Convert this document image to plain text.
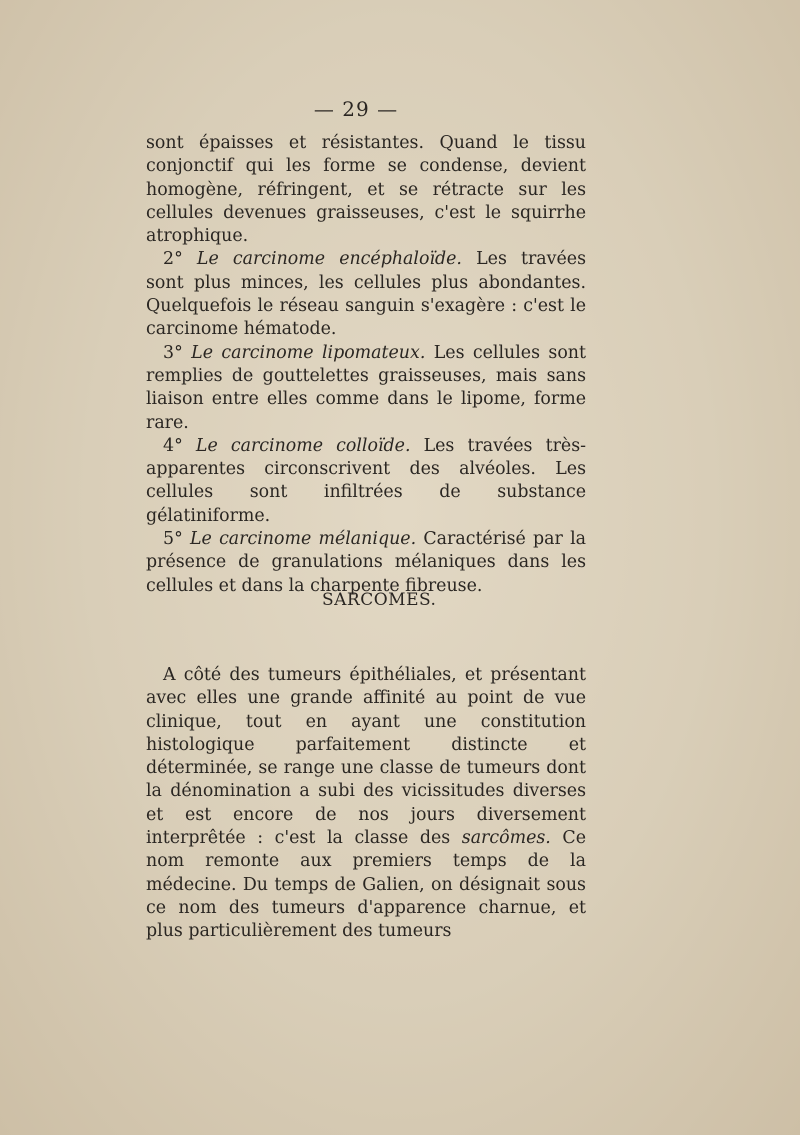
— 29 —

sont épaisses et résistantes. Quand le tissu conjonctif qui les forme se condense, devient homogène, réfringent, et se rétracte sur les cellules devenues graisseuses, c'est le squirrhe atrophique.

2° Le carcinome encéphaloïde. Les travées sont plus minces, les cellules plus abondantes. Quelquefois le réseau sanguin s'exagère : c'est le carcinome hématode.

3° Le carcinome lipomateux. Les cellules sont remplies de gouttelettes graisseuses, mais sans liaison entre elles comme dans le lipome, forme rare.

4° Le carcinome colloïde. Les travées très-apparentes circonscrivent des alvéoles. Les cellules sont infiltrées de substance gélatiniforme.

5° Le carcinome mélanique. Caractérisé par la présence de granulations mélaniques dans les cellules et dans la charpente fibreuse.

SARCOMES.

A côté des tumeurs épithéliales, et présentant avec elles une grande affinité au point de vue clinique, tout en ayant une constitution histologique parfaitement distincte et déterminée, se range une classe de tumeurs dont la dénomination a subi des vicissitudes diverses et est encore de nos jours diversement interprêtée : c'est la classe des sarcômes. Ce nom remonte aux premiers temps de la médecine. Du temps de Galien, on désignait sous ce nom des tumeurs d'apparence charnue, et plus particulièrement des tumeurs
